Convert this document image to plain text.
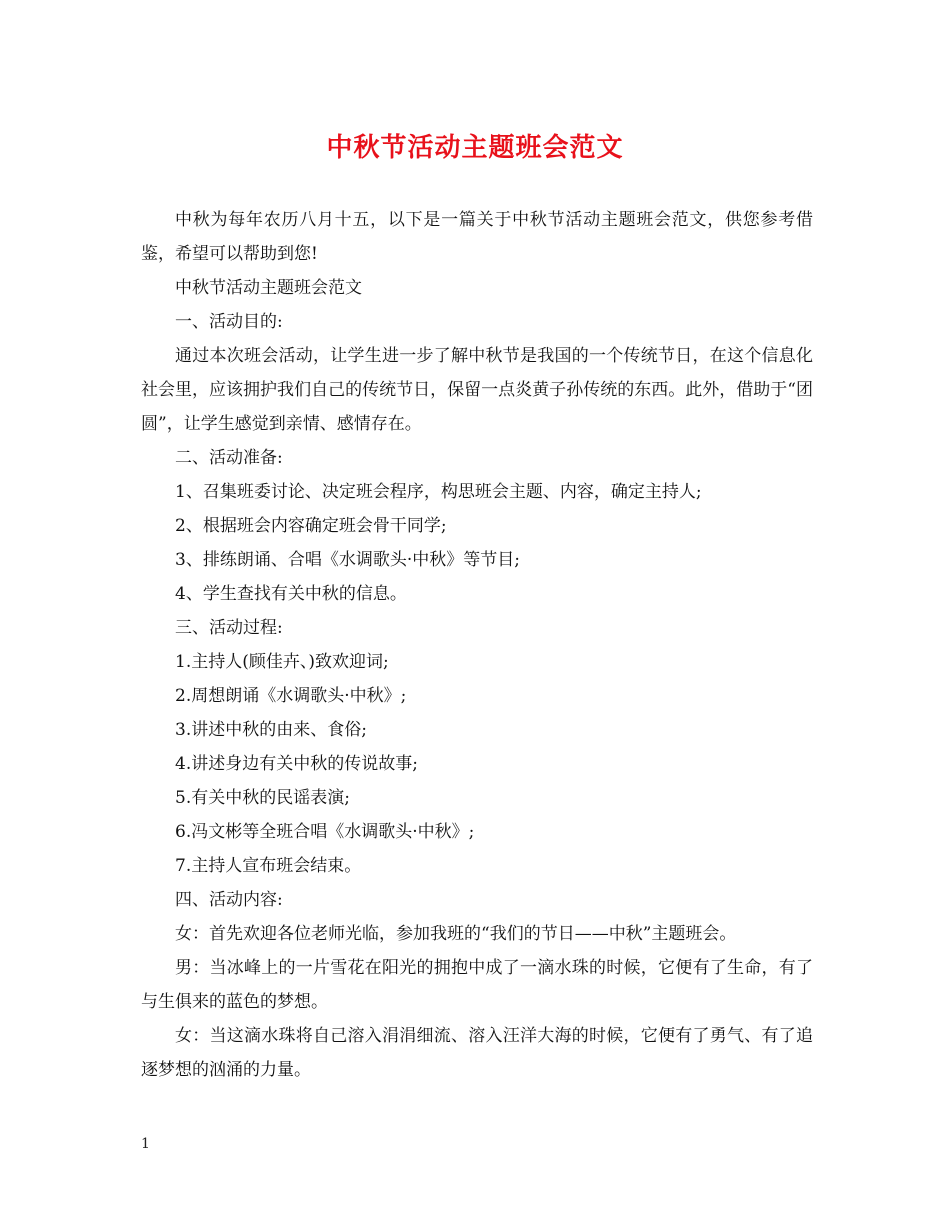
中秋节活动主题班会范文

中秋为每年农历八月十五，以下是一篇关于中秋节活动主题班会范文，供您参考借鉴，希望可以帮助到您!

中秋节活动主题班会范文

一、活动目的:

通过本次班会活动，让学生进一步了解中秋节是我国的一个传统节日，在这个信息化社会里，应该拥护我们自己的传统节日，保留一点炎黄子孙传统的东西。此外，借助于“团圆”，让学生感觉到亲情、感情存在。

二、活动准备:

1、召集班委讨论、决定班会程序，构思班会主题、内容，确定主持人;

2、根据班会内容确定班会骨干同学;

3、排练朗诵、合唱《水调歌头·中秋》等节目;

4、学生查找有关中秋的信息。

三、活动过程:

1.主持人(顾佳卉、)致欢迎词;

2.周想朗诵《水调歌头·中秋》;

3.讲述中秋的由来、食俗;

4.讲述身边有关中秋的传说故事;

5.有关中秋的民谣表演;

6.冯文彬等全班合唱《水调歌头·中秋》;

7.主持人宣布班会结束。

四、活动内容:

女：首先欢迎各位老师光临，参加我班的“我们的节日——中秋”主题班会。

男：当冰峰上的一片雪花在阳光的拥抱中成了一滴水珠的时候，它便有了生命，有了与生俱来的蓝色的梦想。

女：当这滴水珠将自己溶入涓涓细流、溶入汪洋大海的时候，它便有了勇气、有了追逐梦想的汹涌的力量。

1
